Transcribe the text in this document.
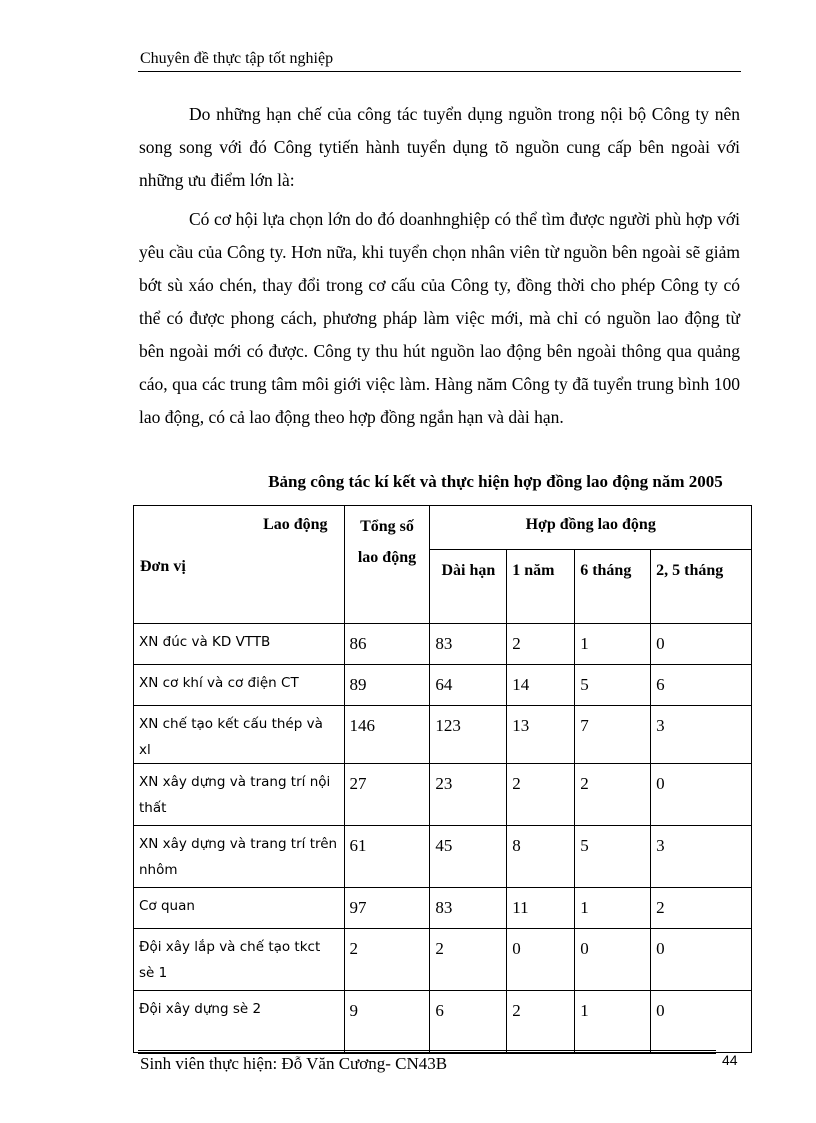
Chuyên đề thực tập tốt nghiệp

Do những hạn chế của công tác tuyển dụng nguồn trong nội bộ Công ty nên song song với đó Công tytiến hành tuyển dụng tõ nguồn cung cấp bên ngoài với những ưu điểm lớn là:

Có cơ hội lựa chọn lớn do đó doanhnghiệp có thể tìm được người phù hợp với yêu cầu của Công ty. Hơn nữa, khi tuyển chọn nhân viên từ nguồn bên ngoài sẽ giảm bớt sù xáo chén, thay đổi trong cơ cấu của Công ty, đồng thời cho phép Công ty có thể có được phong cách, phương pháp làm việc mới, mà chỉ có nguồn lao động từ bên ngoài mới có được. Công ty thu hút nguồn lao động bên ngoài thông qua quảng cáo, qua các trung tâm môi giới việc làm. Hàng năm Công ty đã tuyển trung bình 100 lao động, có cả lao động theo hợp đồng ngắn hạn và dài hạn.

Bảng công tác kí kết và thực hiện hợp đồng lao động năm 2005
Lao động
Đơn vị	Tổng số lao động	Hợp đồng lao động			
		Dài hạn	1 năm	6 tháng	2, 5 tháng
XN đúc và KD VTTB	86	83	2	1	0
XN cơ khí và cơ điện CT	89	64	14	5	6
XN chế tạo kết cấu thép và xl	146	123	13	7	3
XN xây dựng và trang trí nội thất	27	23	2	2	0
XN xây dựng và trang trí trên nhôm	61	45	8	5	3
Cơ quan	97	83	11	1	2
Đội xây lắp và chế tạo tkct sè 1	2	2	0	0	0
Đội xây dựng sè 2	9	6	2	1	0
Sinh viên thực hiện: Đỗ Văn Cương- CN43B	44
